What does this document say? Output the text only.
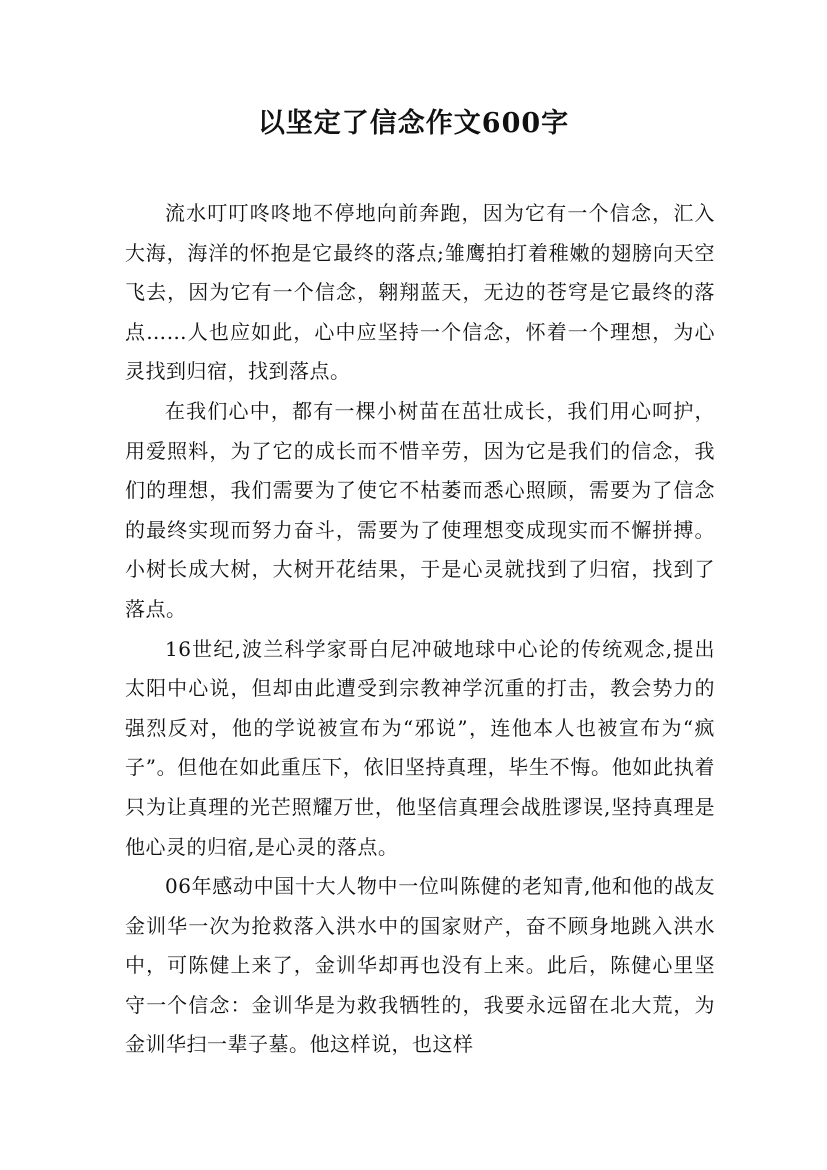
以坚定了信念作文600字

流水叮叮咚咚地不停地向前奔跑，因为它有一个信念，汇入大海，海洋的怀抱是它最终的落点;雏鹰拍打着稚嫩的翅膀向天空飞去，因为它有一个信念，翱翔蓝天，无边的苍穹是它最终的落点……人也应如此，心中应坚持一个信念，怀着一个理想，为心灵找到归宿，找到落点。

在我们心中，都有一棵小树苗在茁壮成长，我们用心呵护，用爱照料，为了它的成长而不惜辛劳，因为它是我们的信念，我们的理想，我们需要为了使它不枯萎而悉心照顾，需要为了信念的最终实现而努力奋斗，需要为了使理想变成现实而不懈拼搏。小树长成大树，大树开花结果，于是心灵就找到了归宿，找到了落点。

16世纪,波兰科学家哥白尼冲破地球中心论的传统观念,提出太阳中心说，但却由此遭受到宗教神学沉重的打击，教会势力的强烈反对，他的学说被宣布为“邪说”，连他本人也被宣布为“疯子”。但他在如此重压下，依旧坚持真理，毕生不悔。他如此执着只为让真理的光芒照耀万世，他坚信真理会战胜谬误,坚持真理是他心灵的归宿,是心灵的落点。

06年感动中国十大人物中一位叫陈健的老知青,他和他的战友金训华一次为抢救落入洪水中的国家财产，奋不顾身地跳入洪水中，可陈健上来了，金训华却再也没有上来。此后，陈健心里坚守一个信念：金训华是为救我牺牲的，我要永远留在北大荒，为金训华扫一辈子墓。他这样说，也这样
